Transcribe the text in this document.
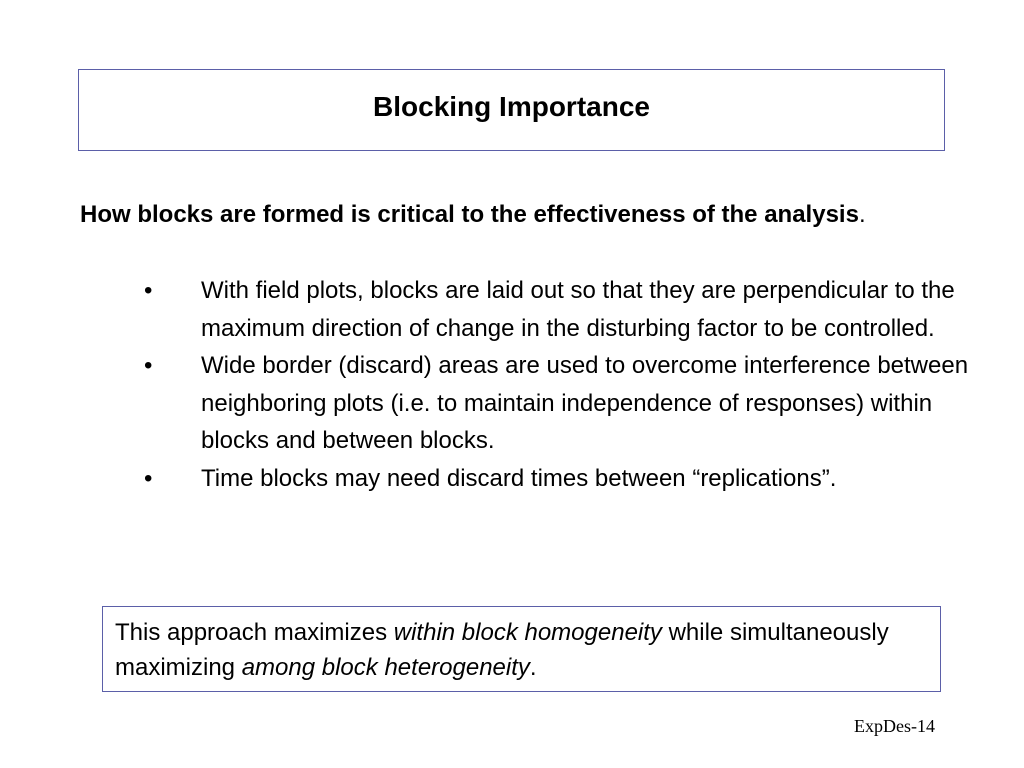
Blocking Importance

How blocks are formed is critical to the effectiveness of the analysis.

• With field plots, blocks are laid out so that they are perpendicular to the maximum direction of change in the disturbing factor to be controlled.
• Wide border (discard) areas are used to overcome interference between neighboring plots (i.e. to maintain independence of responses) within blocks and between blocks.
• Time blocks may need discard times between “replications”.
This approach maximizes within block homogeneity while simultaneously maximizing among block heterogeneity.
ExpDes-14
